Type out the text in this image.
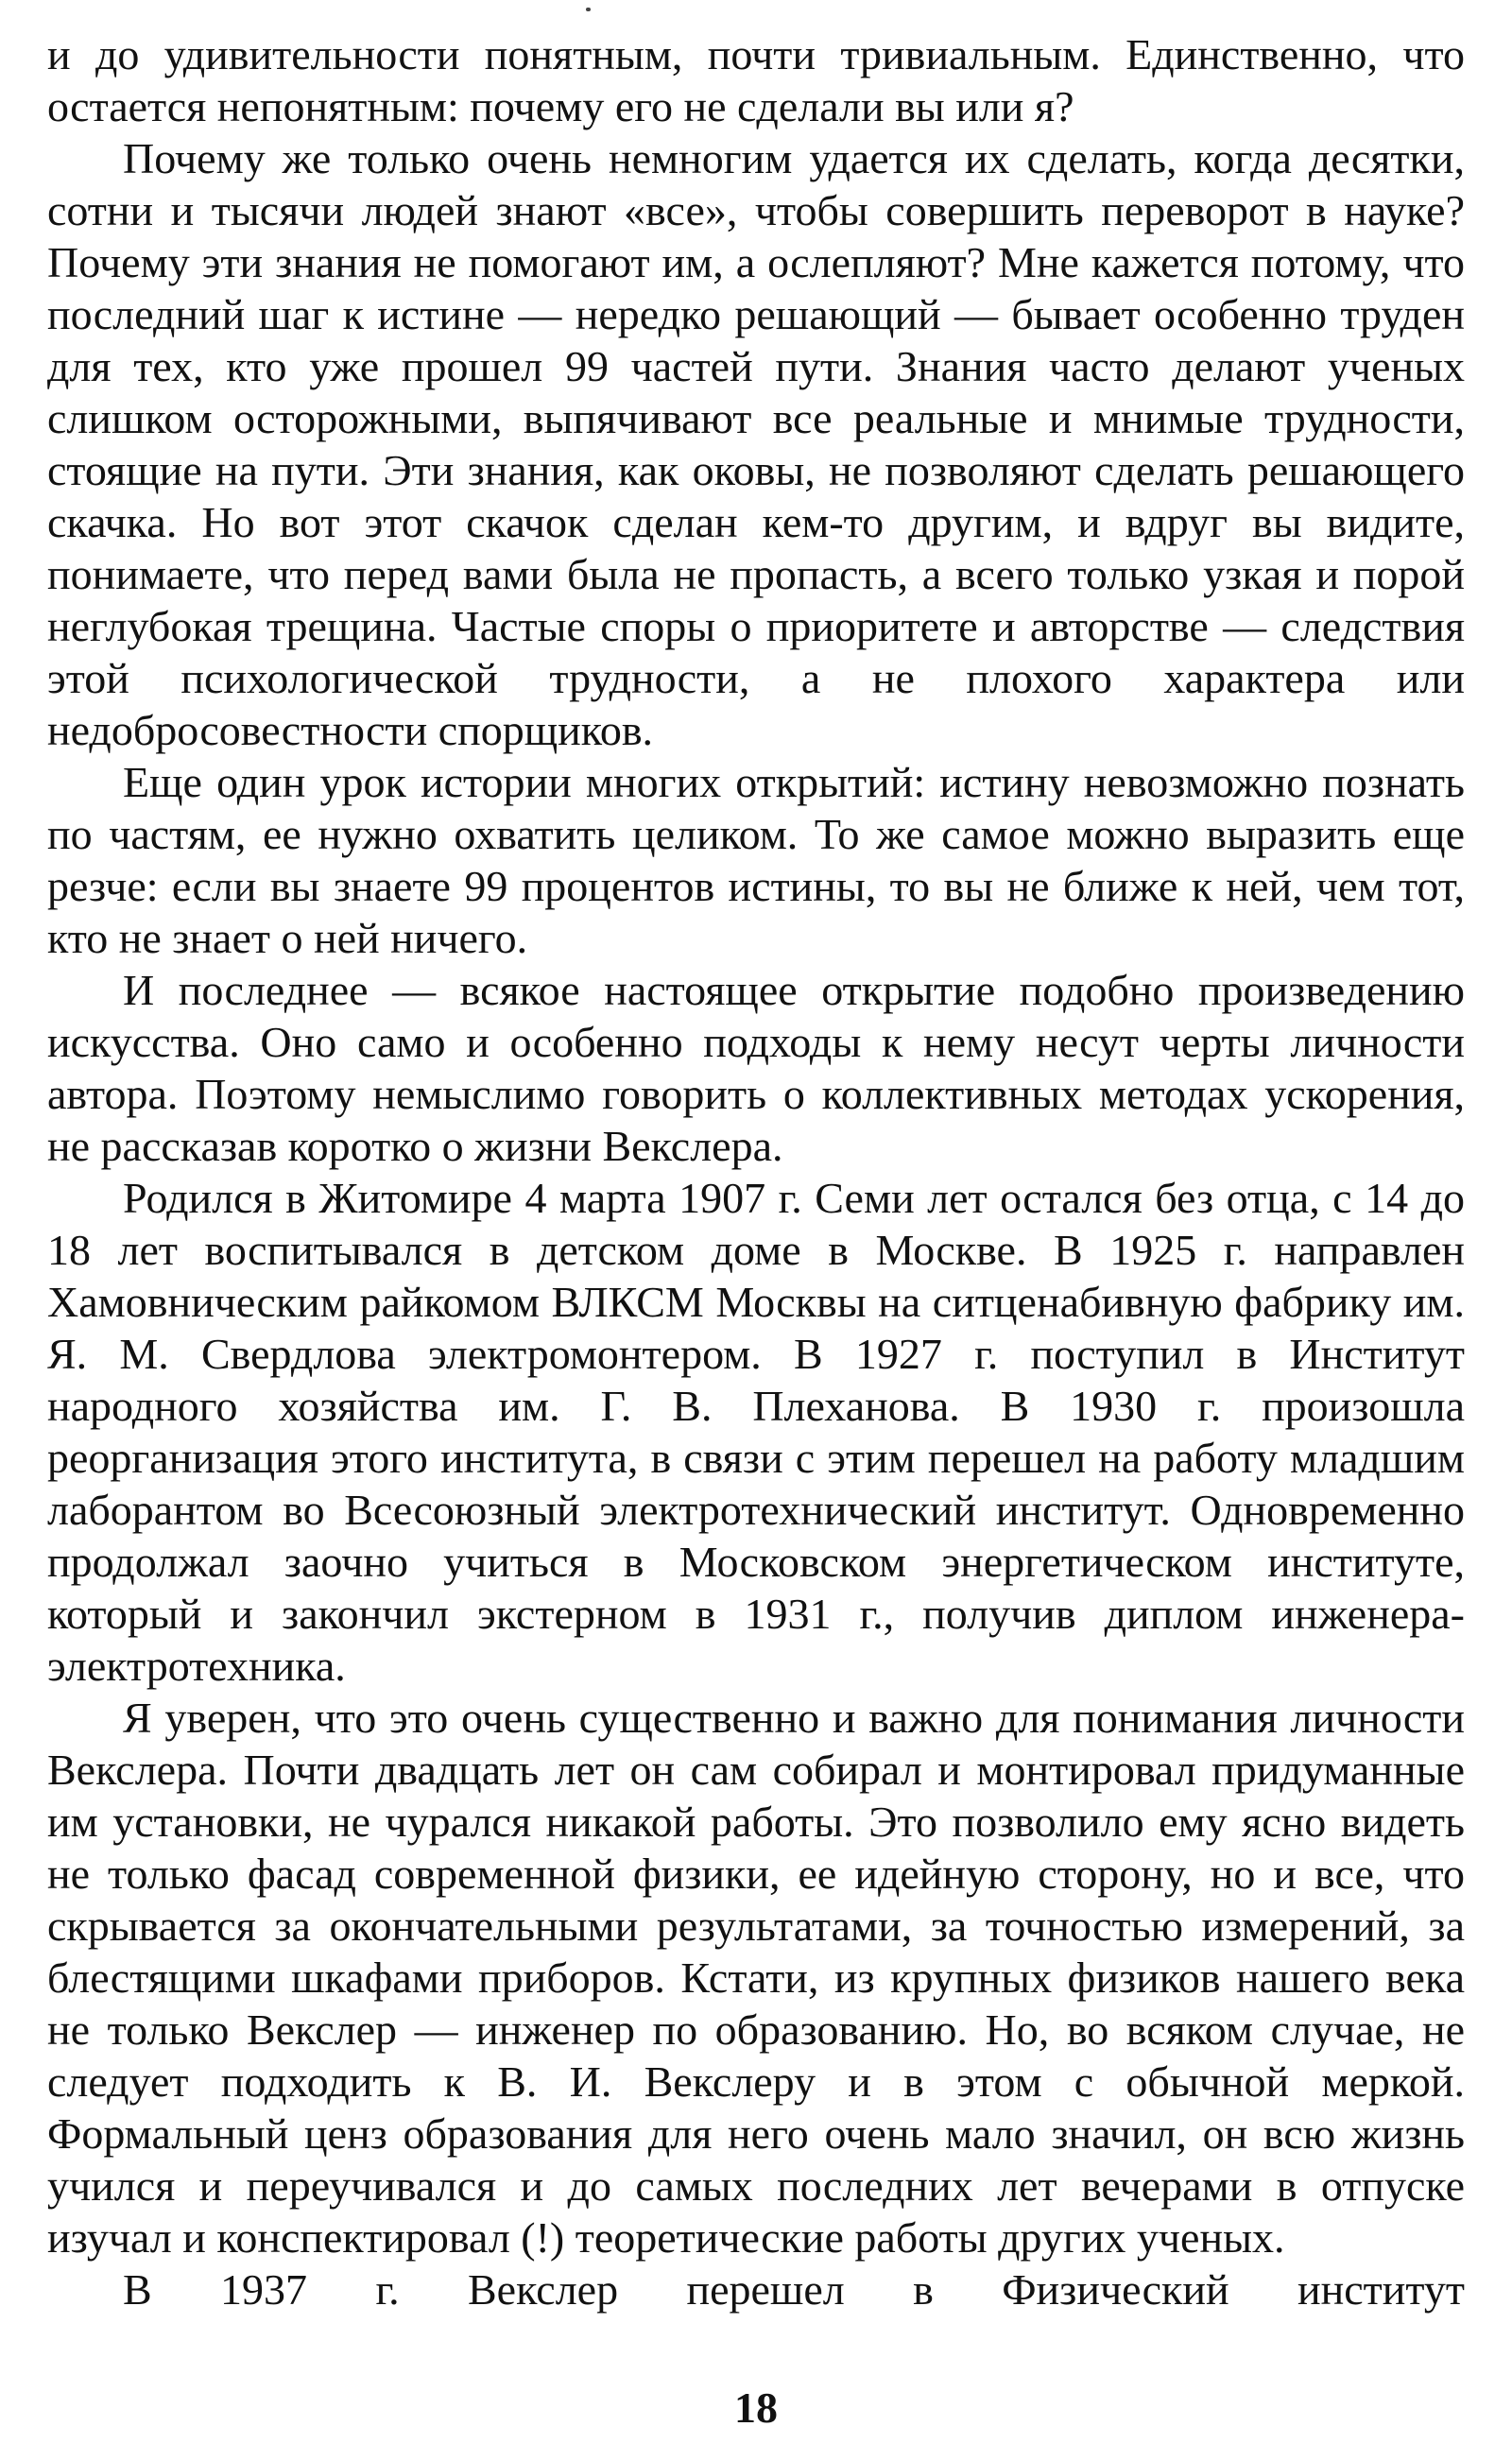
и до удивительности понятным, почти тривиальным. Единственно, что остается непонятным: почему его не сделали вы или я?

Почему же только очень немногим удается их сделать, когда десятки, сотни и тысячи людей знают «все», чтобы совершить переворот в науке? Почему эти знания не помогают им, а ослепляют? Мне кажется потому, что последний шаг к истине — нередко решающий — бывает особенно труден для тех, кто уже прошел 99 частей пути. Знания часто делают ученых слишком осторожными, выпячивают все реальные и мнимые трудности, стоящие на пути. Эти знания, как оковы, не позволяют сделать решающего скачка. Но вот этот скачок сделан кем-то другим, и вдруг вы видите, понимаете, что перед вами была не пропасть, а всего только узкая и порой неглубокая трещина. Частые споры о приоритете и авторстве — следствия этой психологической трудности, а не плохого характера или недобросовестности спорщиков.

Еще один урок истории многих открытий: истину невозможно познать по частям, ее нужно охватить целиком. То же самое можно выразить еще резче: если вы знаете 99 процентов истины, то вы не ближе к ней, чем тот, кто не знает о ней ничего.

И последнее — всякое настоящее открытие подобно произведению искусства. Оно само и особенно подходы к нему несут черты личности автора. Поэтому немыслимо говорить о коллективных методах ускорения, не рассказав коротко о жизни Векслера.

Родился в Житомире 4 марта 1907 г. Семи лет остался без отца, с 14 до 18 лет воспитывался в детском доме в Москве. В 1925 г. направлен Хамовническим райкомом ВЛКСМ Москвы на ситценабивную фабрику им. Я. М. Свердлова электромонтером. В 1927 г. поступил в Институт народного хозяйства им. Г. В. Плеханова. В 1930 г. произошла реорганизация этого института, в связи с этим перешел на работу младшим лаборантом во Всесоюзный электротехнический институт. Одновременно продолжал заочно учиться в Московском энергетическом институте, который и закончил экстерном в 1931 г., получив диплом инженера-электротехника.

Я уверен, что это очень существенно и важно для понимания личности Векслера. Почти двадцать лет он сам собирал и монтировал придуманные им установки, не чурался никакой работы. Это позволило ему ясно видеть не только фасад современной физики, ее идейную сторону, но и все, что скрывается за окончательными результатами, за точностью измерений, за блестящими шкафами приборов. Кстати, из крупных физиков нашего века не только Векслер — инженер по образованию. Но, во всяком случае, не следует подходить к В. И. Векслеру и в этом с обычной меркой. Формальный ценз образования для него очень мало значил, он всю жизнь учился и переучивался и до самых последних лет вечерами в отпуске изучал и конспектировал (!) теоретические работы других ученых.

В 1937 г. Векслер перешел в Физический институт

18
